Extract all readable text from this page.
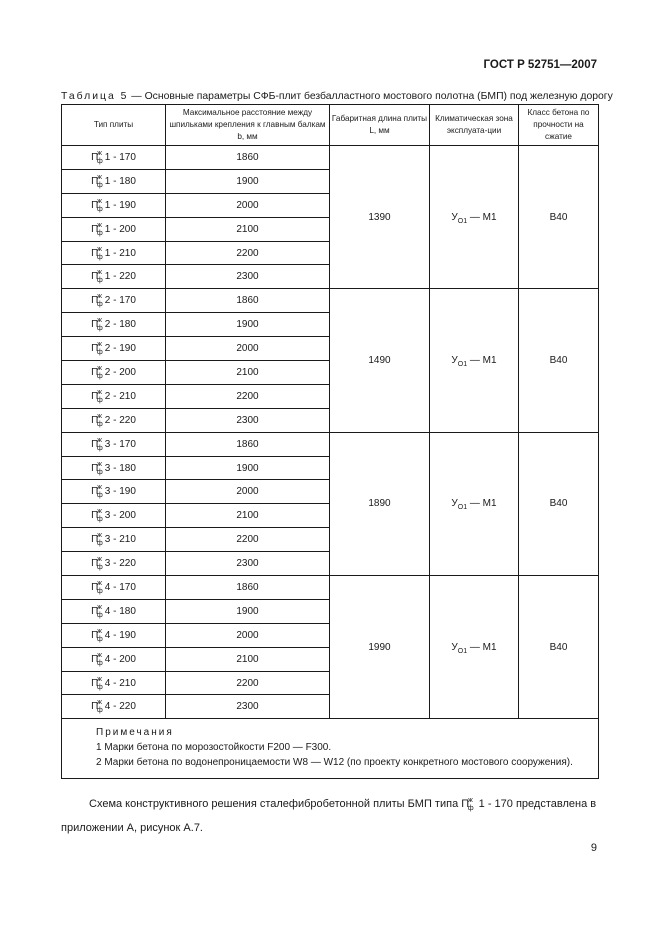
ГОСТ Р 52751—2007
Таблица 5 — Основные параметры СФБ-плит безбалластного мостового полотна (БМП) под железную дорогу
Тип плиты	Максимальное расстояние между шпильками крепления к главным балкам b, мм	Габаритная длина плиты L, мм	Климатическая зона эксплуата-ции	Класс бетона по прочности на сжатие
$П^ж_ф$ 1 - 170	1860	1390	$У_{О1}$ — М1	В40
$П^ж_ф$ 1 - 180	1900			
$П^ж_ф$ 1 - 190	2000			
$П^ж_ф$ 1 - 200	2100			
$П^ж_ф$ 1 - 210	2200			
$П^ж_ф$ 1 - 220	2300			
$П^ж_ф$ 2 - 170	1860	1490	$У_{О1}$ — М1	В40
$П^ж_ф$ 2 - 180	1900			
$П^ж_ф$ 2 - 190	2000			
$П^ж_ф$ 2 - 200	2100			
$П^ж_ф$ 2 - 210	2200			
$П^ж_ф$ 2 - 220	2300			
$П^ж_ф$ 3 - 170	1860	1890	$У_{О1}$ — М1	В40
$П^ж_ф$ 3 - 180	1900			
$П^ж_ф$ 3 - 190	2000			
$П^ж_ф$ 3 - 200	2100			
$П^ж_ф$ 3 - 210	2200			
$П^ж_ф$ 3 - 220	2300			
$П^ж_ф$ 4 - 170	1860	1990	$У_{О1}$ — М1	В40
$П^ж_ф$ 4 - 180	1900			
$П^ж_ф$ 4 - 190	2000			
$П^ж_ф$ 4 - 200	2100			
$П^ж_ф$ 4 - 210	2200			
$П^ж_ф$ 4 - 220	2300			

Примечания
1 Марки бетона по морозостойкости F200 — F300.
2 Марки бетона по водонепроницаемости W8 — W12 (по проекту конкретного мостового сооружения).				
Схема конструктивного решения сталефибробетонной плиты БМП типа $П^ж_ф$ 1 - 170 представлена в приложении А, рисунок А.7.
9
